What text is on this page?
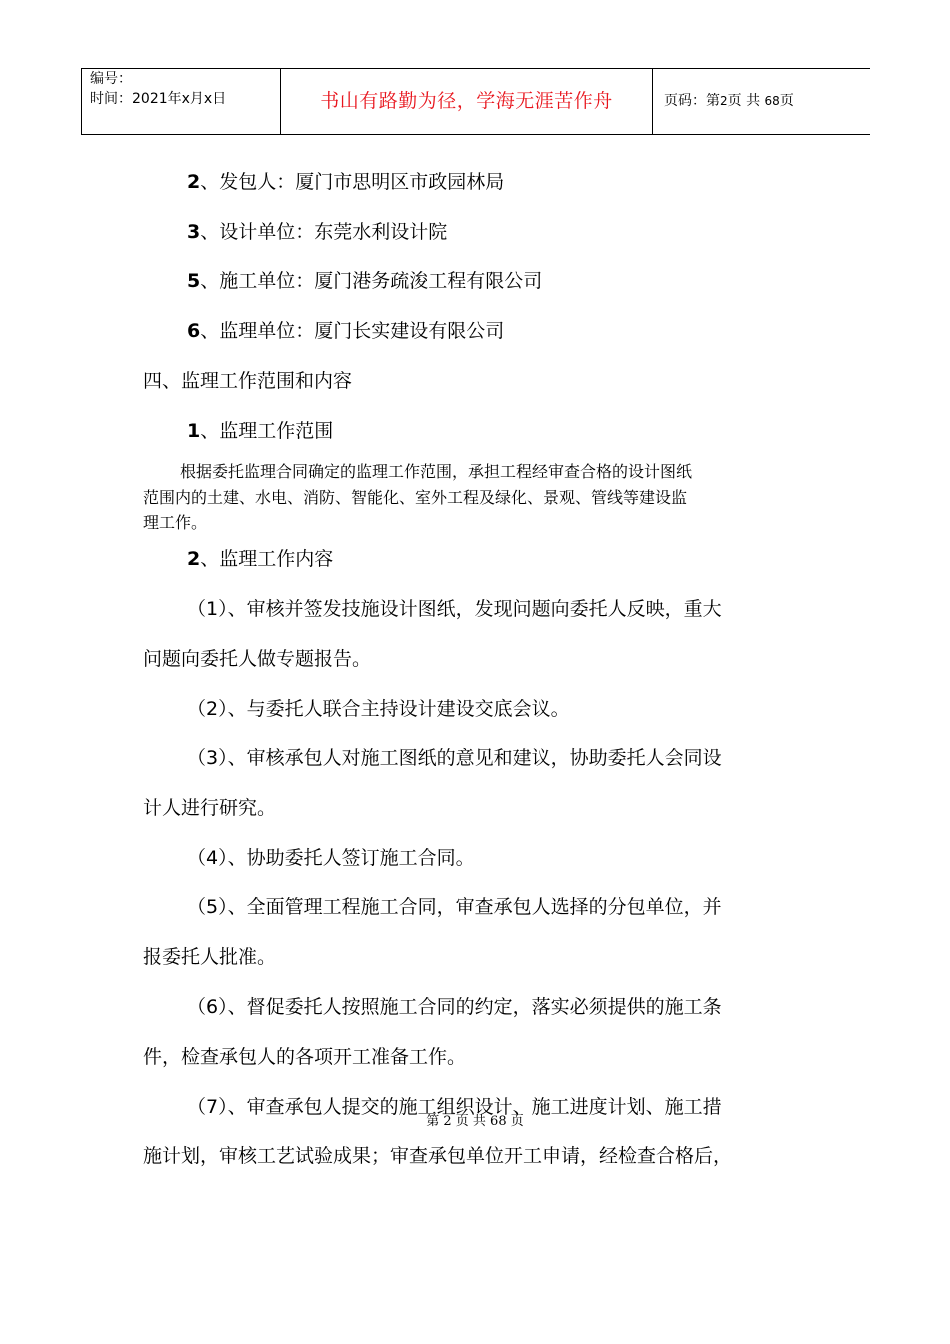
编号：
时间：2021年x月x日	书山有路勤为径，学海无涯苦作舟	页码：第2页 共 68页
2、发包人：厦门市思明区市政园林局
3、设计单位：东莞水利设计院
5、施工单位：厦门港务疏浚工程有限公司
6、监理单位：厦门长实建设有限公司
四、监理工作范围和内容
1、监理工作范围
根据委托监理合同确定的监理工作范围，承担工程经审查合格的设计图纸
范围内的土建、水电、消防、智能化、室外工程及绿化、景观、管线等建设监
理工作。
2、监理工作内容
（1）、审核并签发技施设计图纸，发现问题向委托人反映，重大
问题向委托人做专题报告。
（2）、与委托人联合主持设计建设交底会议。
（3）、审核承包人对施工图纸的意见和建议，协助委托人会同设
计人进行研究。
（4）、协助委托人签订施工合同。
（5）、全面管理工程施工合同，审查承包人选择的分包单位，并
报委托人批准。
（6）、督促委托人按照施工合同的约定，落实必须提供的施工条
件，检查承包人的各项开工准备工作。
（7）、审查承包人提交的施工组织设计、施工进度计划、施工措
施计划，审核工艺试验成果；审查承包单位开工申请，经检查合格后，
第 2 页 共 68 页
